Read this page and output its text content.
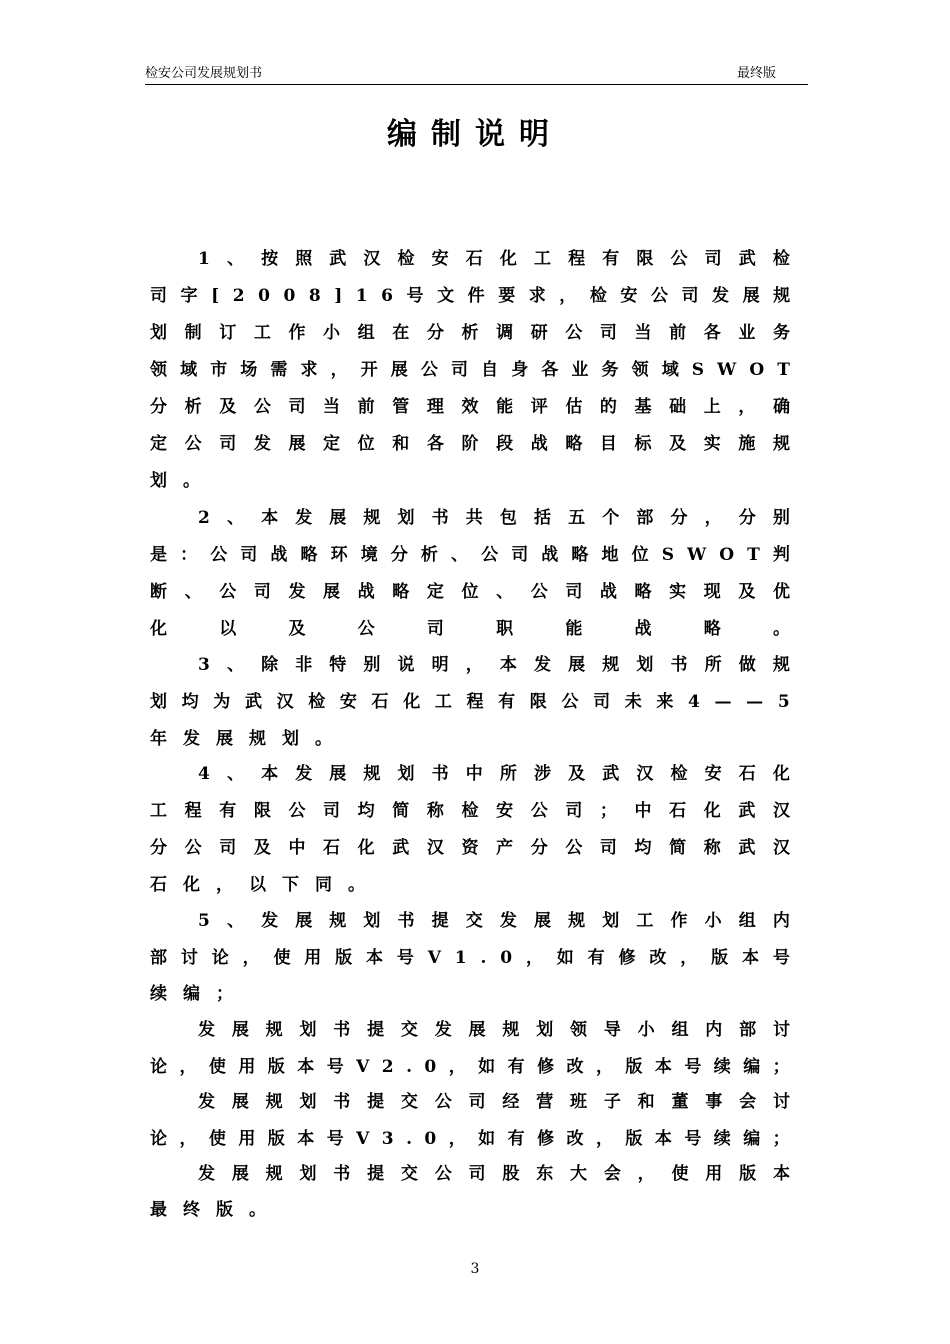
检安公司发展规划书	最终版
编制说明
1、按照武汉检安石化工程有限公司武检
司字[2008]16号文件要求，检安公司发展规
划制订工作小组在分析调研公司当前各业务
领域市场需求，开展公司自身各业务领域SWOT
分析及公司当前管理效能评估的基础上，确
定公司发展定位和各阶段战略目标及实施规
划。
2、本发展规划书共包括五个部分，分别
是：公司战略环境分析、公司战略地位SWOT判
断、公司发展战略定位、公司战略实现及优
化以及公司职能战略。
3、除非特别说明，本发展规划书所做规
划均为武汉检安石化工程有限公司未来4——5
年发展规划。
4、本发展规划书中所涉及武汉检安石化
工程有限公司均简称检安公司；中石化武汉
分公司及中石化武汉资产分公司均简称武汉
石化，以下同。
5、发展规划书提交发展规划工作小组内
部讨论，使用版本号V1.0，如有修改，版本号
续编；
发展规划书提交发展规划领导小组内部讨
论，使用版本号V2.0，如有修改，版本号续编；
发展规划书提交公司经营班子和董事会讨
论，使用版本号V3.0，如有修改，版本号续编；
发展规划书提交公司股东大会，使用版本
最终版。
3
